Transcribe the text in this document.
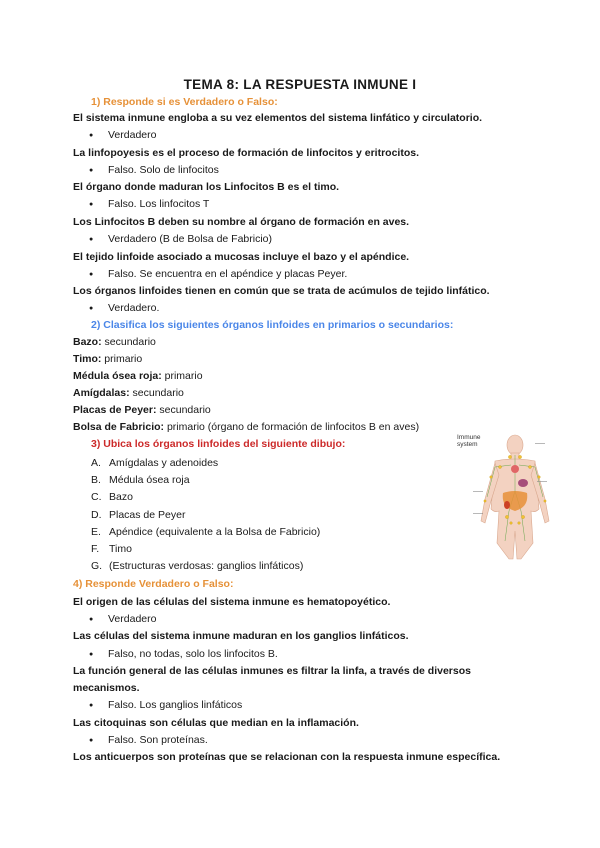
TEMA 8: LA RESPUESTA INMUNE I
1) Responde si es Verdadero o Falso:
El sistema inmune engloba a su vez elementos del sistema linfático y circulatorio.
● Verdadero
La linfopoyesis es el proceso de formación de linfocitos y eritrocitos.
● Falso. Solo de linfocitos
El órgano donde maduran los Linfocitos B es el timo.
● Falso. Los linfocitos T
Los Linfocitos B deben su nombre al órgano de formación en aves.
● Verdadero (B de Bolsa de Fabricio)
El tejido linfoide asociado a mucosas incluye el bazo y el apéndice.
● Falso. Se encuentra en el apéndice y placas Peyer.
Los órganos linfoides tienen en común que se trata de acúmulos de tejido linfático.
● Verdadero.
2) Clasifica los siguientes órganos linfoides en primarios o secundarios:
Bazo: secundario
Timo: primario
Médula ósea roja: primario
Amígdalas: secundario
Placas de Peyer: secundario
Bolsa de Fabricio: primario (órgano de formación de linfocitos B en aves)
3) Ubica los órganos linfoides del siguiente dibujo:
A. Amígdalas y adenoides
B. Médula ósea roja
C. Bazo
D. Placas de Peyer
E. Apéndice (equivalente a la Bolsa de Fabricio)
F. Timo
G. (Estructuras verdosas: ganglios linfáticos)
Immune
system
4) Responde Verdadero o Falso:
El origen de las células del sistema inmune es hematopoyético.
● Verdadero
Las células del sistema inmune maduran en los ganglios linfáticos.
● Falso, no todas, solo los linfocitos B.
La función general de las células inmunes es filtrar la linfa, a través de diversos
mecanismos.
● Falso. Los ganglios linfáticos
Las citoquinas son células que median en la inflamación.
● Falso. Son proteínas.
Los anticuerpos son proteínas que se relacionan con la respuesta inmune específica.
